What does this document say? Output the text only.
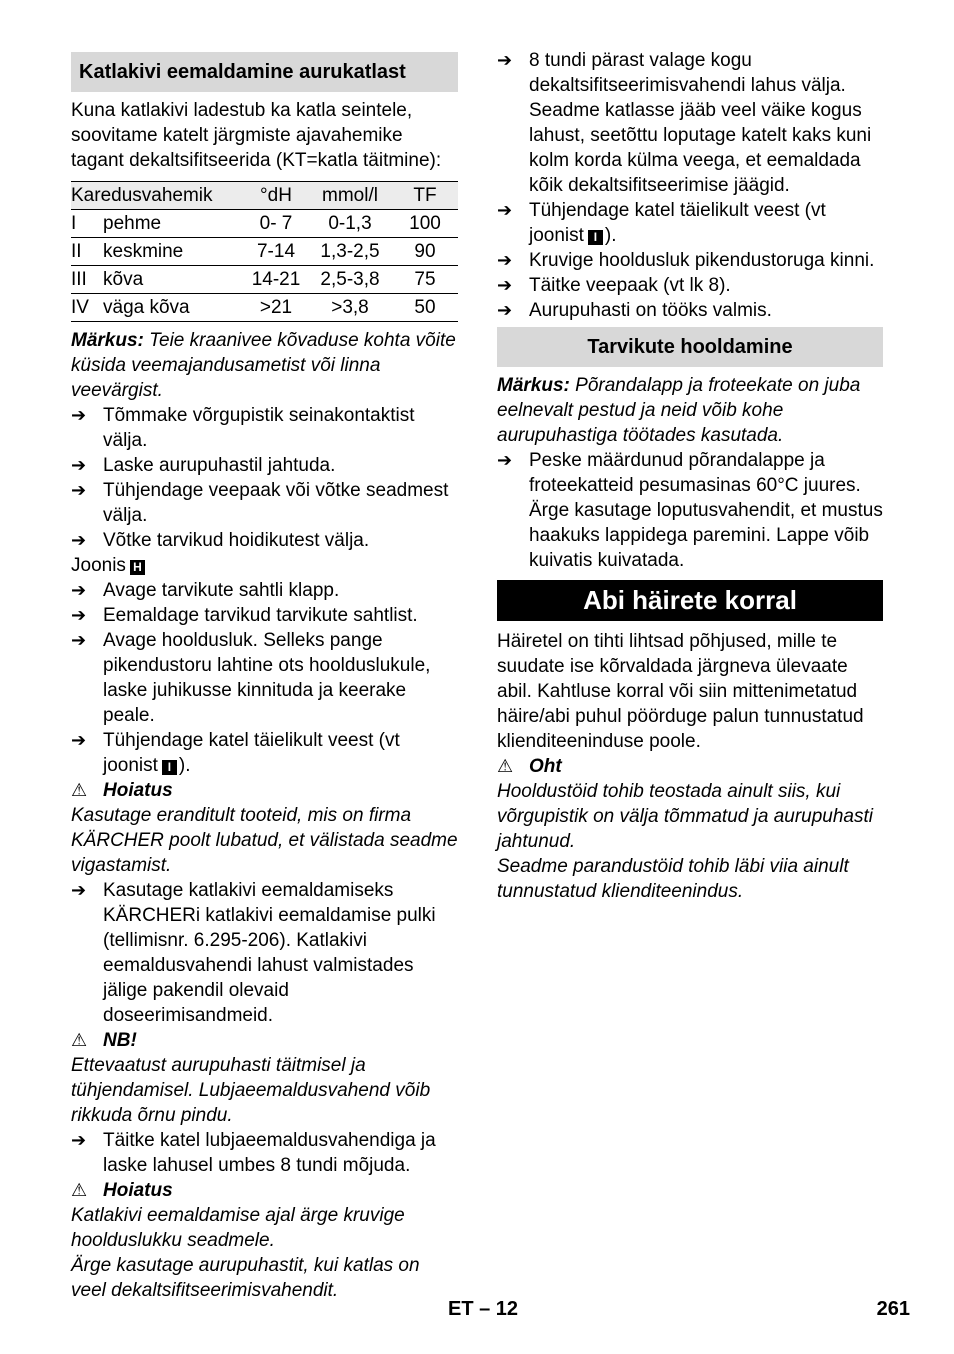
Katlakivi eemaldamine aurukatlast

Kuna katlakivi ladestub ka katla seintele, soovitame katelt järgmiste ajavahemike tagant dekaltsifitseerida (KT=katla täitmine):

Karedusvahemik		°dH	mmol/l	TF
I	pehme	0- 7	0-1,3	100
II	keskmine	7-14	1,3-2,5	90
III	kõva	14-21	2,5-3,8	75
IV	väga kõva	>21	>3,8	50

Märkus: Teie kraanivee kõvaduse kohta võite küsida veemajandusametist või linna veevärgist.

➔ Tõmmake võrgupistik seinakontaktist välja.
➔ Laske aurupuhastil jahtuda.
➔ Tühjendage veepaak või võtke seadmest välja.
➔ Võtke tarvikud hoidikutest välja.

Joonis H

➔ Avage tarvikute sahtli klapp.
➔ Eemaldage tarvikud tarvikute sahtlist.
➔ Avage hooldusluk. Selleks pange pikendustoru lahtine ots hoolduslukule, laske juhikusse kinnituda ja keerake peale.
➔ Tühjendage katel täielikult veest (vt joonist I ).
⚠ Hoiatus

Kasutage eranditult tooteid, mis on firma KÄRCHER poolt lubatud, et välistada seadme vigastamist.

➔ Kasutage katlakivi eemaldamiseks KÄRCHERi katlakivi eemaldamise pulki (tellimisnr. 6.295-206). Katlakivi eemaldusvahendi lahust valmistades jälige pakendil olevaid doseerimisandmeid.
⚠ NB!

Ettevaatust aurupuhasti täitmisel ja tühjendamisel. Lubjaeemaldusvahend võib rikkuda õrnu pindu.

➔ Täitke katel lubjaeemaldusvahendiga ja laske lahusel umbes 8 tundi mõjuda.
⚠ Hoiatus

Katlakivi eemaldamise ajal ärge kruvige hoolduslukku seadmele.

Ärge kasutage aurupuhastit, kui katlas on veel dekaltsifitseerimisvahendit.

➔ 8 tundi pärast valage kogu dekaltsifitseerimisvahendi lahus välja. Seadme katlasse jääb veel väike kogus lahust, seetõttu loputage katelt kaks kuni kolm korda külma veega, et eemaldada kõik dekaltsifitseerimise jäägid.
➔ Tühjendage katel täielikult veest (vt joonist I ).
➔ Kruvige hooldusluk pikendustoruga kinni.
➔ Täitke veepaak (vt lk 8).
➔ Aurupuhasti on tööks valmis.
Tarvikute hooldamine

Märkus: Põrandalapp ja froteekate on juba eelnevalt pestud ja neid võib kohe aurupuhastiga töötades kasutada.

➔ Peske määrdunud põrandalappe ja froteekatteid pesumasinas 60°C juures. Ärge kasutage loputusvahendit, et mustus haakuks lappidega paremini. Lappe võib kuivatis kuivatada.
Abi häirete korral

Häiretel on tihti lihtsad põhjused, mille te suudate ise kõrvaldada järgneva ülevaate abil. Kahtluse korral või siin mittenimetatud häire/abi puhul pöörduge palun tunnustatud klienditeeninduse poole.

⚠ Oht

Hooldustöid tohib teostada ainult siis, kui võrgupistik on välja tõmmatud ja aurupuhasti jahtunud.

Seadme parandustöid tohib läbi viia ainult tunnustatud klienditeenindus.

ET – 12	261
